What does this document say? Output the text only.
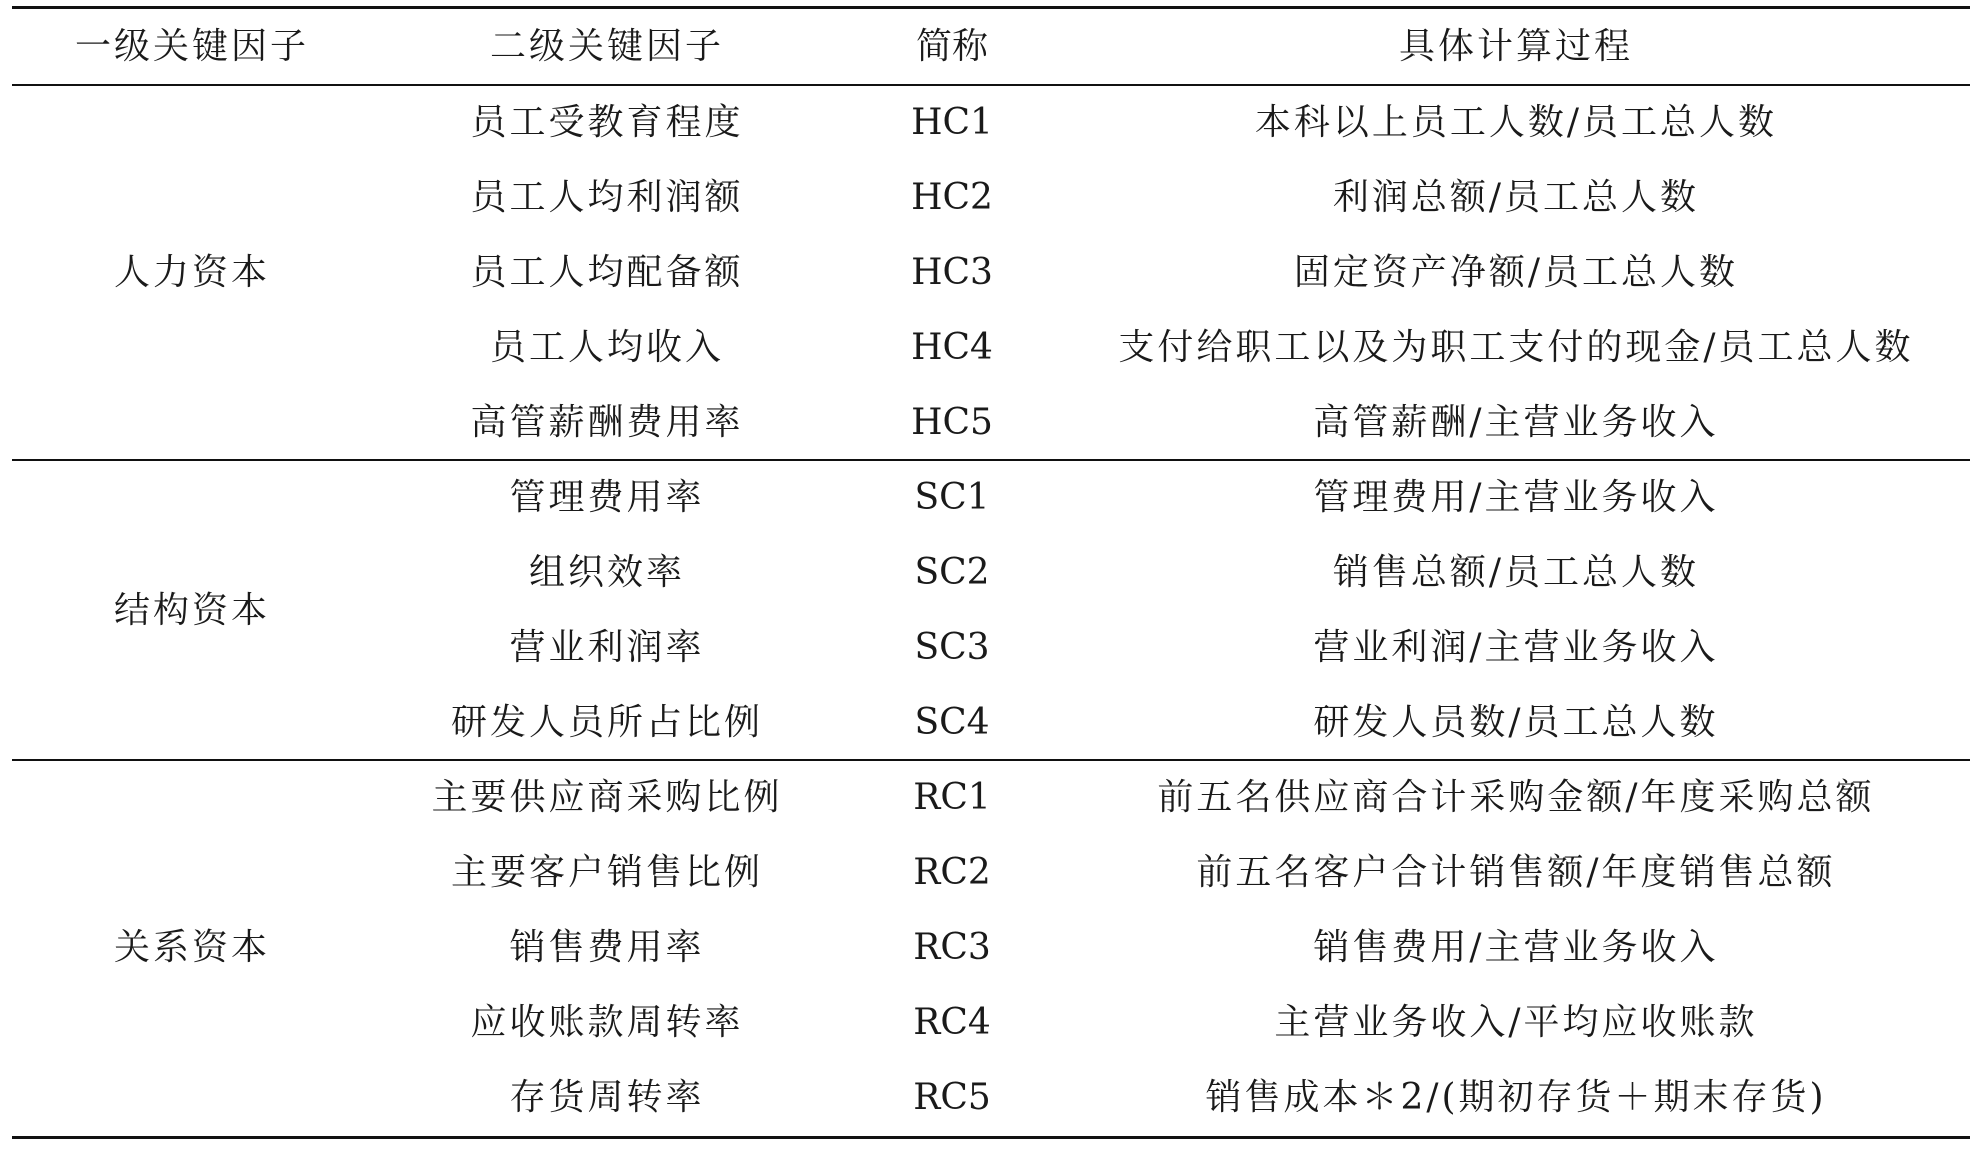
一级关键因子	二级关键因子	简称	具体计算过程
人力资本
员工受教育程度	HC1	本科以上员工人数/员工总人数
员工人均利润额	HC2	利润总额/员工总人数
员工人均配备额	HC3	固定资产净额/员工总人数
员工人均收入	HC4	支付给职工以及为职工支付的现金/员工总人数
高管薪酬费用率	HC5	高管薪酬/主营业务收入
结构资本
管理费用率	SC1	管理费用/主营业务收入
组织效率	SC2	销售总额/员工总人数
营业利润率	SC3	营业利润/主营业务收入
研发人员所占比例	SC4	研发人员数/员工总人数
关系资本
主要供应商采购比例	RC1	前五名供应商合计采购金额/年度采购总额
主要客户销售比例	RC2	前五名客户合计销售额/年度销售总额
销售费用率	RC3	销售费用/主营业务收入
应收账款周转率	RC4	主营业务收入/平均应收账款
存货周转率	RC5	销售成本＊2/(期初存货＋期末存货)
